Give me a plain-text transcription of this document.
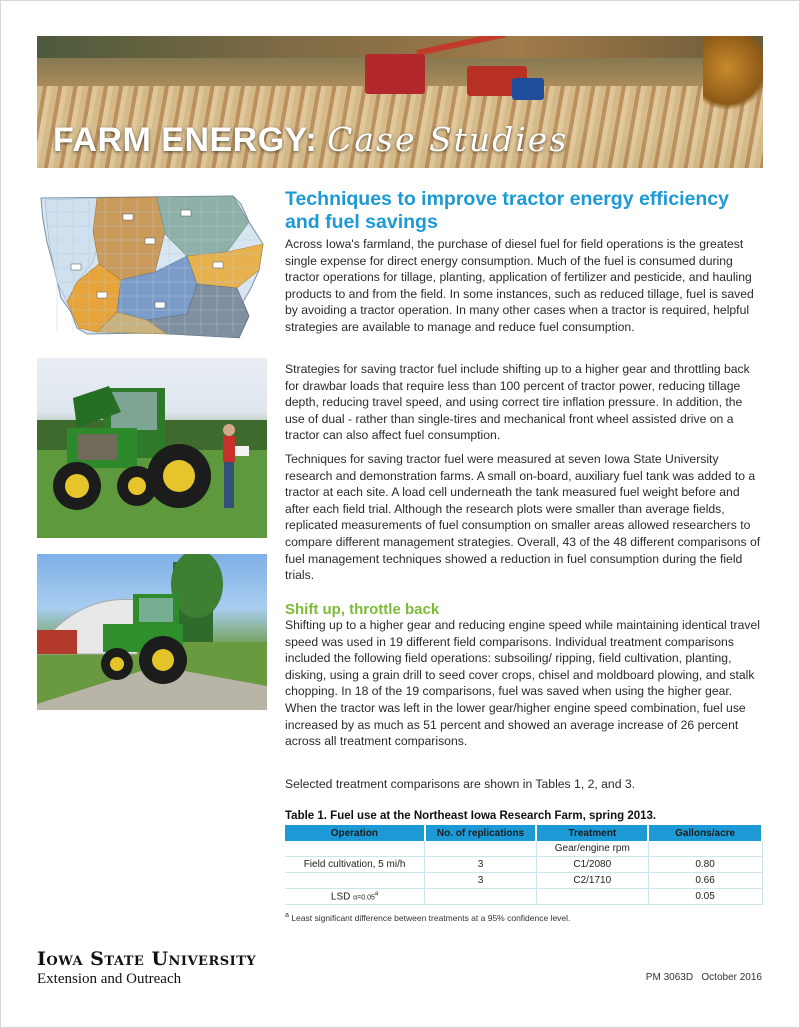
FARM ENERGY: Case Studies
Techniques to improve tractor energy efficiency and fuel savings

Across Iowa's farmland, the purchase of diesel fuel for field operations is the greatest single expense for direct energy consumption. Much of the fuel is consumed during tractor operations for tillage, planting, application of fertilizer and pesticide, and hauling products to and from the field. In some instances, such as reduced tillage, fuel is saved by avoiding a tractor operation. In many other cases when a tractor is required, helpful strategies are available to manage and reduce fuel consumption.

Strategies for saving tractor fuel include shifting up to a higher gear and throttling back for drawbar loads that require less than 100 percent of tractor power, reducing tillage depth, reducing travel speed, and using correct tire inflation pressure. In addition, the use of dual - rather than single-tires and mechanical front wheel assisted drive on a tractor can also affect fuel consumption.

Techniques for saving tractor fuel were measured at seven Iowa State University research and demonstration farms. A small on-board, auxiliary fuel tank was added to a tractor at each site. A load cell underneath the tank measured fuel weight before and after each field trial. Although the research plots were smaller than average fields, replicated measurements of fuel consumption on smaller areas allowed researchers to compare different management strategies. Overall, 43 of the 48 different comparisons of fuel management techniques showed a reduction in fuel consumption during the field trials.

Shift up, throttle back

Shifting up to a higher gear and reducing engine speed while maintaining identical travel speed was used in 19 different field comparisons. Individual treatment comparisons included the following field operations: subsoiling/ ripping, field cultivation, planting, disking, using a grain drill to seed cover crops, chisel and moldboard plowing, and stalk chopping. In 18 of the 19 comparisons, fuel was saved when using the higher gear. When the tractor was left in the lower gear/higher engine speed combination, fuel use increased by as much as 51 percent and showed an average increase of 26 percent across all treatment comparisons.

Selected treatment comparisons are shown in Tables 1, 2, and 3.

Table 1. Fuel use at the Northeast Iowa Research Farm, spring 2013.
Operation	No. of replications	Treatment	Gallons/acre
		Gear/engine rpm	
Field cultivation, 5 mi/h	3	C1/2080	0.80
	3	C2/1710	0.66
LSD α=0.05$^a$			0.05
$^a$ Least significant difference between treatments at a 95% confidence level.
Iowa State University
Extension and Outreach	PM 3063D October 2016
